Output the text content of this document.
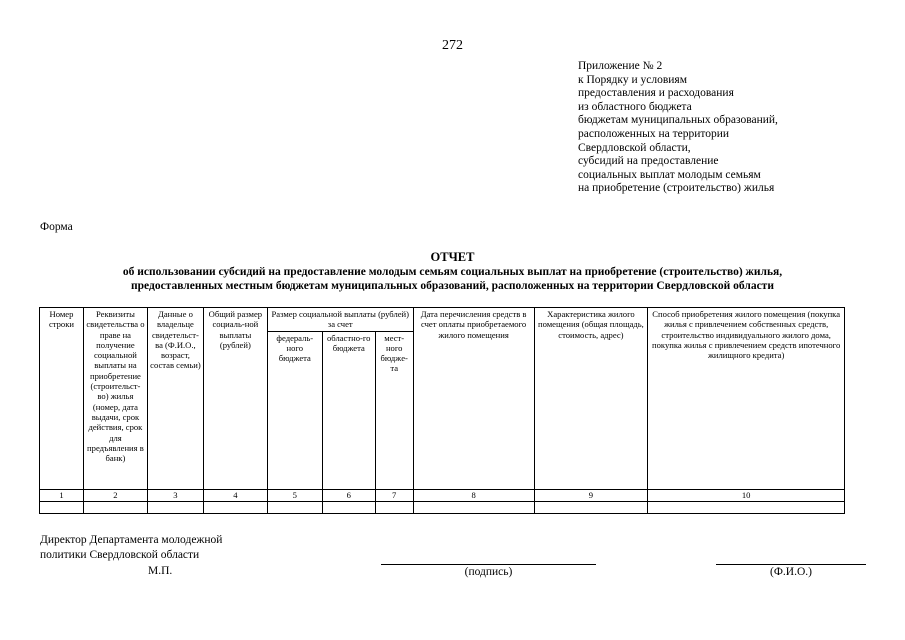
272
Приложение № 2
к Порядку и условиям
предоставления и расходования
из областного бюджета
бюджетам муниципальных образований,
расположенных на территории
Свердловской области,
субсидий на предоставление
социальных выплат молодым семьям
на приобретение (строительство) жилья
Форма
ОТЧЕТ
об использовании субсидий на предоставление молодым семьям социальных выплат на приобретение (строительство) жилья,
предоставленных местным бюджетам муниципальных образований, расположенных на территории Свердловской области
Номер строки	Реквизиты свидетельства о праве на получение социальной выплаты на приобретение (строительст-во) жилья (номер, дата выдачи, срок действия, срок для предъявления в банк)	Данные о владельце свидетельст-ва (Ф.И.О., возраст, состав семьи)	Общий размер социаль-ной выплаты (рублей)	Размер социальной выплаты (рублей) за счет			Дата перечисления средств в счет оплаты приобретаемого жилого помещения	Характеристика жилого помещения (общая площадь, стоимость, адрес)	Способ приобретения жилого помещения (покупка жилья с привлечением собственных средств, строительство индивидуального жилого дома, покупка жилья с привлечением средств ипотечного жилищного кредита)
				федераль-ного бюджета	областно-го бюджета	мест-ного бюджe-та			
1	2	3	4	5	6	7	8	9	10

Директор Департамента молодежной
политики Свердловской области
М.П.	(подпись)	(Ф.И.О.)
